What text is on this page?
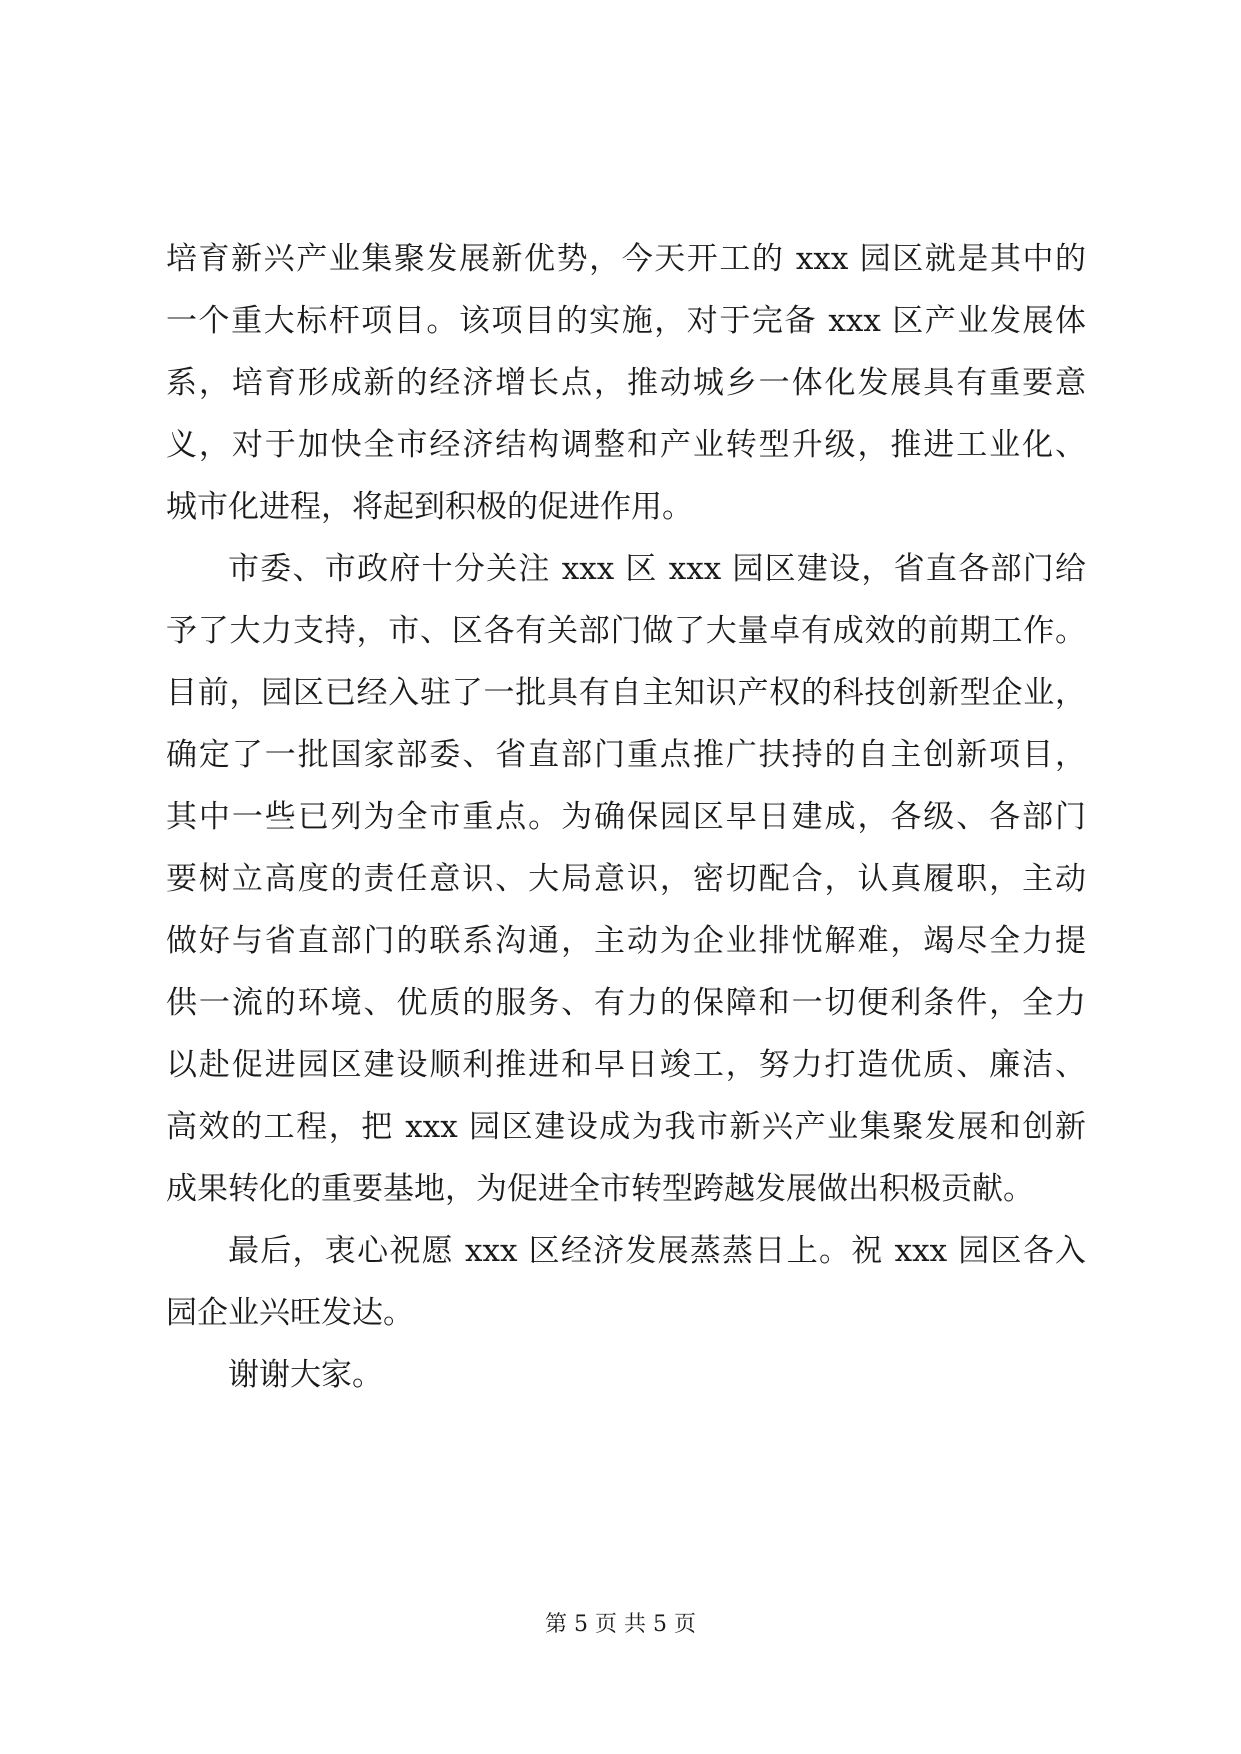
培育新兴产业集聚发展新优势，今天开工的 xxx 园区就是其中的
一个重大标杆项目。该项目的实施，对于完备 xxx 区产业发展体
系，培育形成新的经济增长点，推动城乡一体化发展具有重要意
义，对于加快全市经济结构调整和产业转型升级，推进工业化、
城市化进程，将起到积极的促进作用。
市委、市政府十分关注 xxx 区 xxx 园区建设，省直各部门给
予了大力支持，市、区各有关部门做了大量卓有成效的前期工作。
目前，园区已经入驻了一批具有自主知识产权的科技创新型企业，
确定了一批国家部委、省直部门重点推广扶持的自主创新项目，
其中一些已列为全市重点。为确保园区早日建成，各级、各部门
要树立高度的责任意识、大局意识，密切配合，认真履职，主动
做好与省直部门的联系沟通，主动为企业排忧解难，竭尽全力提
供一流的环境、优质的服务、有力的保障和一切便利条件，全力
以赴促进园区建设顺利推进和早日竣工，努力打造优质、廉洁、
高效的工程，把 xxx 园区建设成为我市新兴产业集聚发展和创新
成果转化的重要基地，为促进全市转型跨越发展做出积极贡献。
最后，衷心祝愿 xxx 区经济发展蒸蒸日上。祝 xxx 园区各入
园企业兴旺发达。
谢谢大家。
第 5 页 共 5 页
